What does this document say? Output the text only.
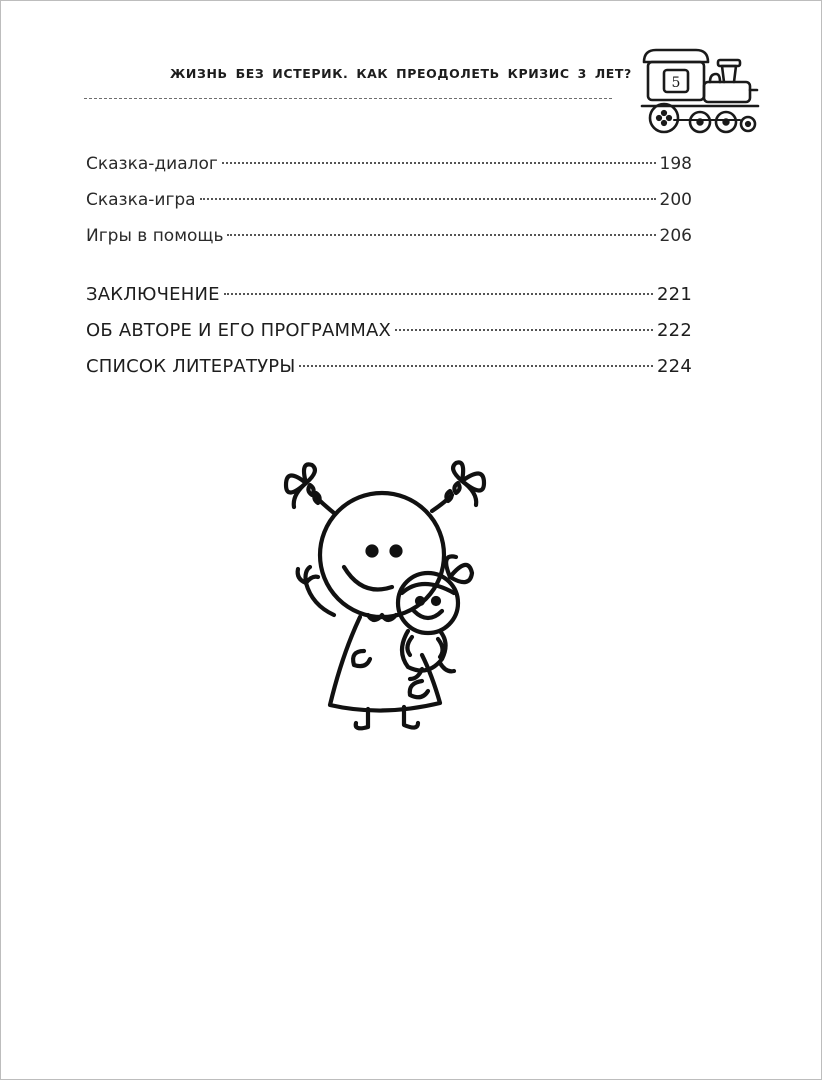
ЖИЗНЬ БЕЗ ИСТЕРИК. КАК ПРЕОДОЛЕТЬ КРИЗИС 3 ЛЕТ?
5
Сказка-диалог	198
Сказка-игра	200
Игры в помощь	206
ЗАКЛЮЧЕНИЕ	221
ОБ АВТОРЕ И ЕГО ПРОГРАММАХ	222
СПИСОК ЛИТЕРАТУРЫ	224
